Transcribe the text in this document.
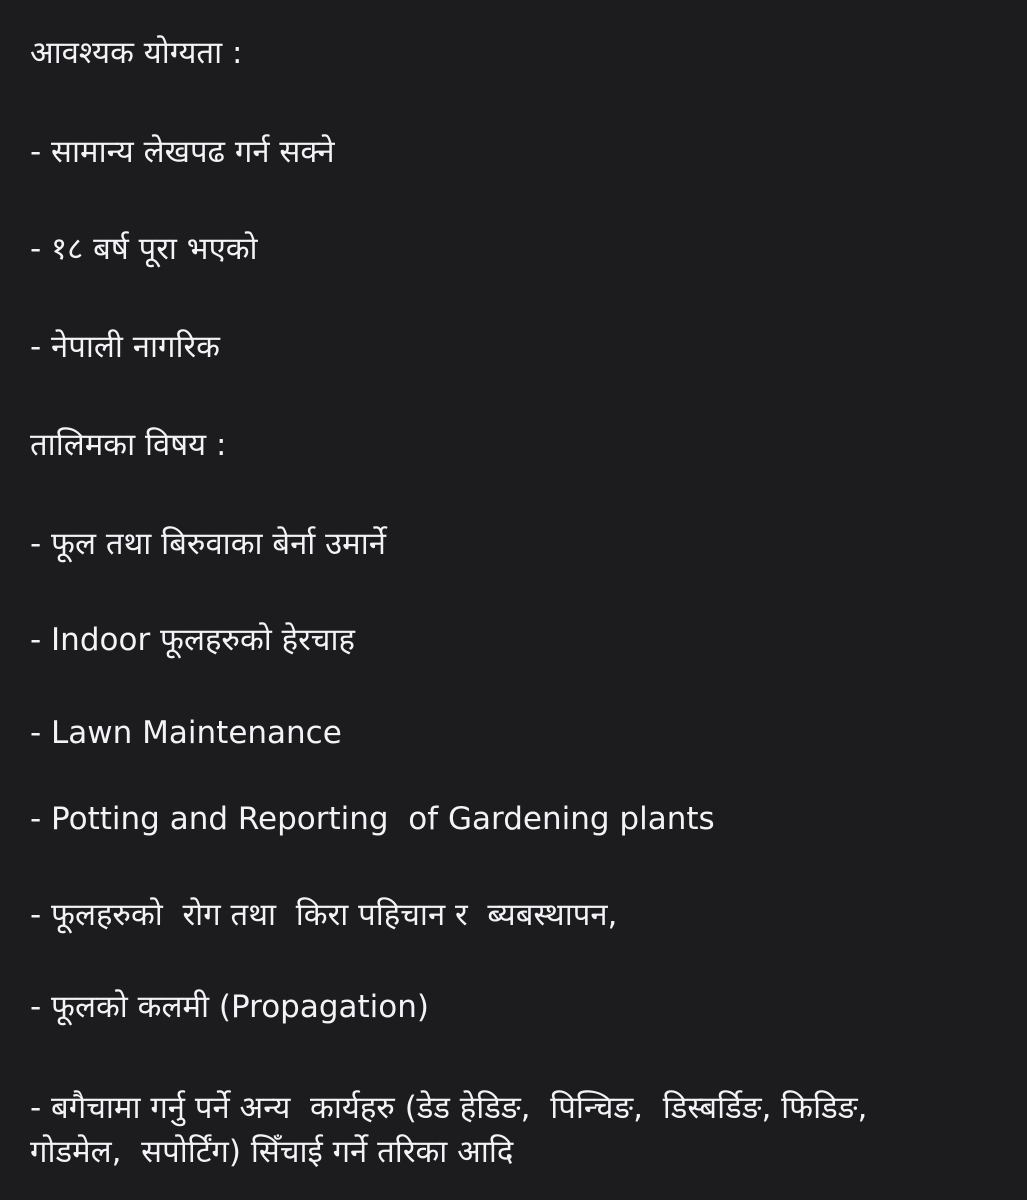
आवश्यक योग्यता :
- सामान्य लेखपढ गर्न सक्ने
- १८ बर्ष पूरा भएको
- नेपाली नागरिक
तालिमका विषय :
- फूल तथा बिरुवाका बेर्ना उमार्ने
- Indoor फूलहरुको हेरचाह
- Lawn Maintenance
- Potting and Reporting  of Gardening plants
- फूलहरुको  रोग तथा  किरा पहिचान र  ब्यबस्थापन,
- फूलको कलमी (Propagation)
- बगैचामा गर्नु पर्ने अन्य  कार्यहरु (डेड हेडिङ,  पिन्चिङ,  डिस्बर्डिङ, फिडिङ,
गोडमेल,  सपोर्टिंग) सिँचाई गर्ने तरिका आदि
